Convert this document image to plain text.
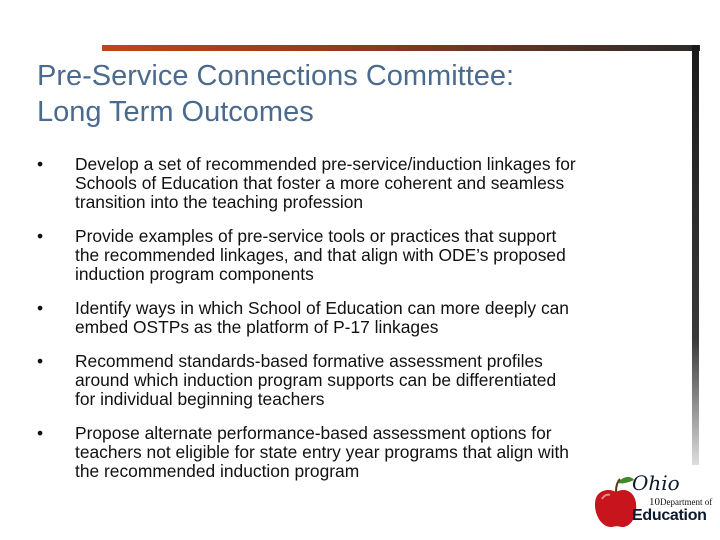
Pre-Service Connections Committee:
Long Term Outcomes
•	Develop a set of recommended pre-service/induction linkages for
Schools of Education that foster a more coherent and seamless
transition into the teaching profession
•	Provide examples of pre-service tools or practices that support
the recommended linkages, and that align with ODE’s proposed
induction program components
•	Identify ways in which School of Education can more deeply can
embed OSTPs as the platform of P-17 linkages
•	Recommend standards-based formative assessment profiles
around which induction program supports can be differentiated
for individual beginning teachers
•	Propose alternate performance-based assessment options for
teachers not eligible for state entry year programs that align with
the recommended induction program	Ohio
10 Department of
Education
